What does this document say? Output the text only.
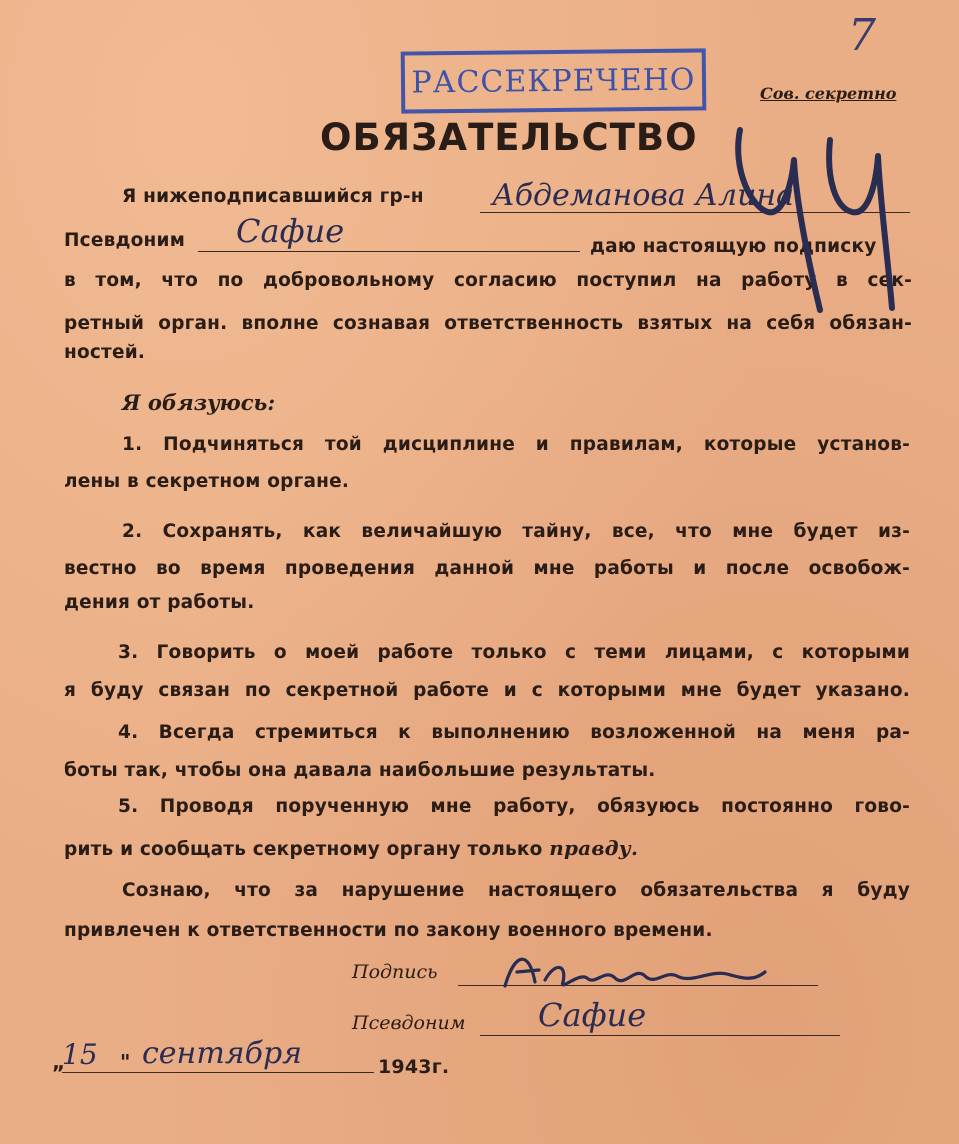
7
РАССЕКРЕЧЕНО	Сов. секретно
ОБЯЗАТЕЛЬСТВО
Я нижеподписавшийся гр-н Абдеманова Алина
Псевдоним Сафие	даю настоящую подписку
в том, что по добровольному согласию поступил на работу в сек-
ретный орган. вполне сознавая ответственность взятых на себя обязан-
ностей.
Я обязуюсь:
1. Подчиняться той дисциплине и правилам, которые установ-
лены в секретном органе.
2. Сохранять, как величайшую тайну, все, что мне будет из-
вестно во время проведения данной мне работы и после освобож-
дения от работы.
3. Говорить о моей работе только с теми лицами, с которыми
я буду связан по секретной работе и с которыми мне будет указано.
4. Всегда стремиться к выполнению возложенной на меня ра-
боты так, чтобы она давала наибольшие результаты.
5. Проводя порученную мне работу, обязуюсь постоянно гово-
рить и сообщать секретному органу только правду.
Сознаю, что за нарушение настоящего обязательства я буду
привлечен к ответственности по закону военного времени.
Подпись
Псевдоним Сафие
„
15 " сентября	1943г.
